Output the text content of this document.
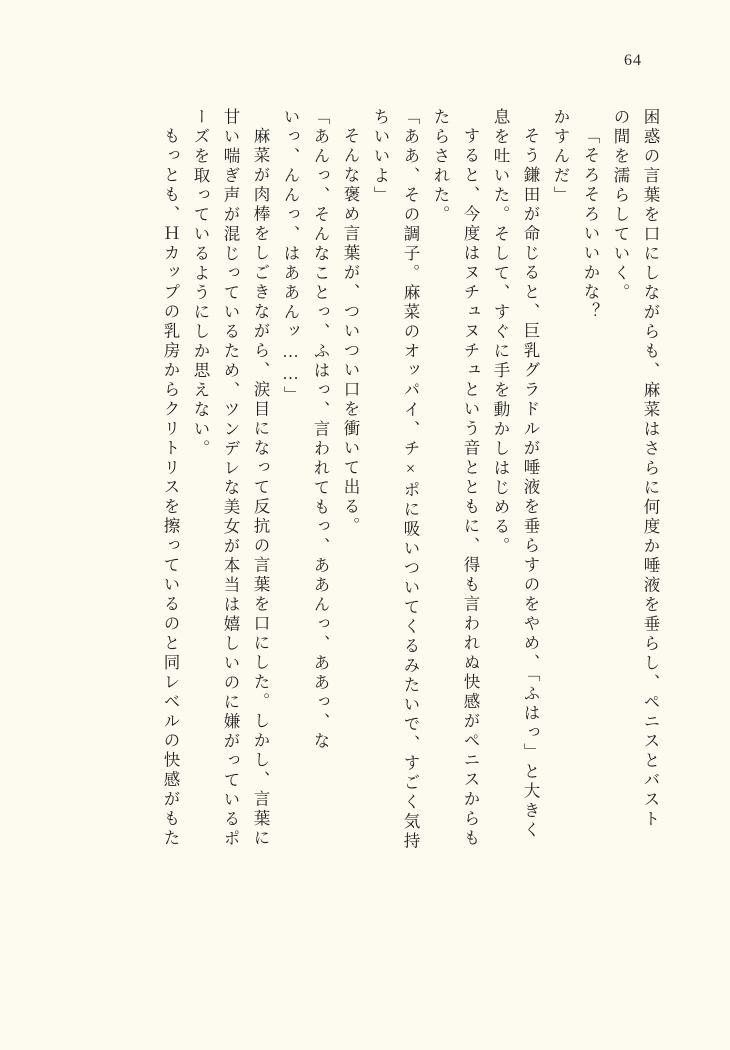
64
困惑の言葉を口にしながらも、麻菜はさらに何度か唾液を垂らし、ペニスとバスト
の間を濡らしていく。
「そろそろいいかな？
かすんだ」
そう鎌田が命じると、巨乳グラドルが唾液を垂らすのをやめ、「ふはっ」と大きく
息を吐いた。そして、すぐに手を動かしはじめる。
すると、今度はヌチュヌチュという音とともに、得も言われぬ快感がペニスからも
たらされた。
「ああ、その調子。麻菜のオッパイ、チ×ポに吸いついてくるみたいで、すごく気持
ちいいよ」
そんな褒め言葉が、ついつい口を衝いて出る。
「あんっ、そんなことっ、ふはっ、言われてもっ、ああんっ、ああっ、な
いっ、んんっ、はああんッ……」
麻菜が肉棒をしごきながら、涙目になって反抗の言葉を口にした。しかし、言葉に
甘い喘ぎ声が混じっているため、ツンデレな美女が本当は嬉しいのに嫌がっているポ
ーズを取っているようにしか思えない。
もっとも、Ｈカップの乳房からクリトリスを擦っているのと同レベルの快感がもた
